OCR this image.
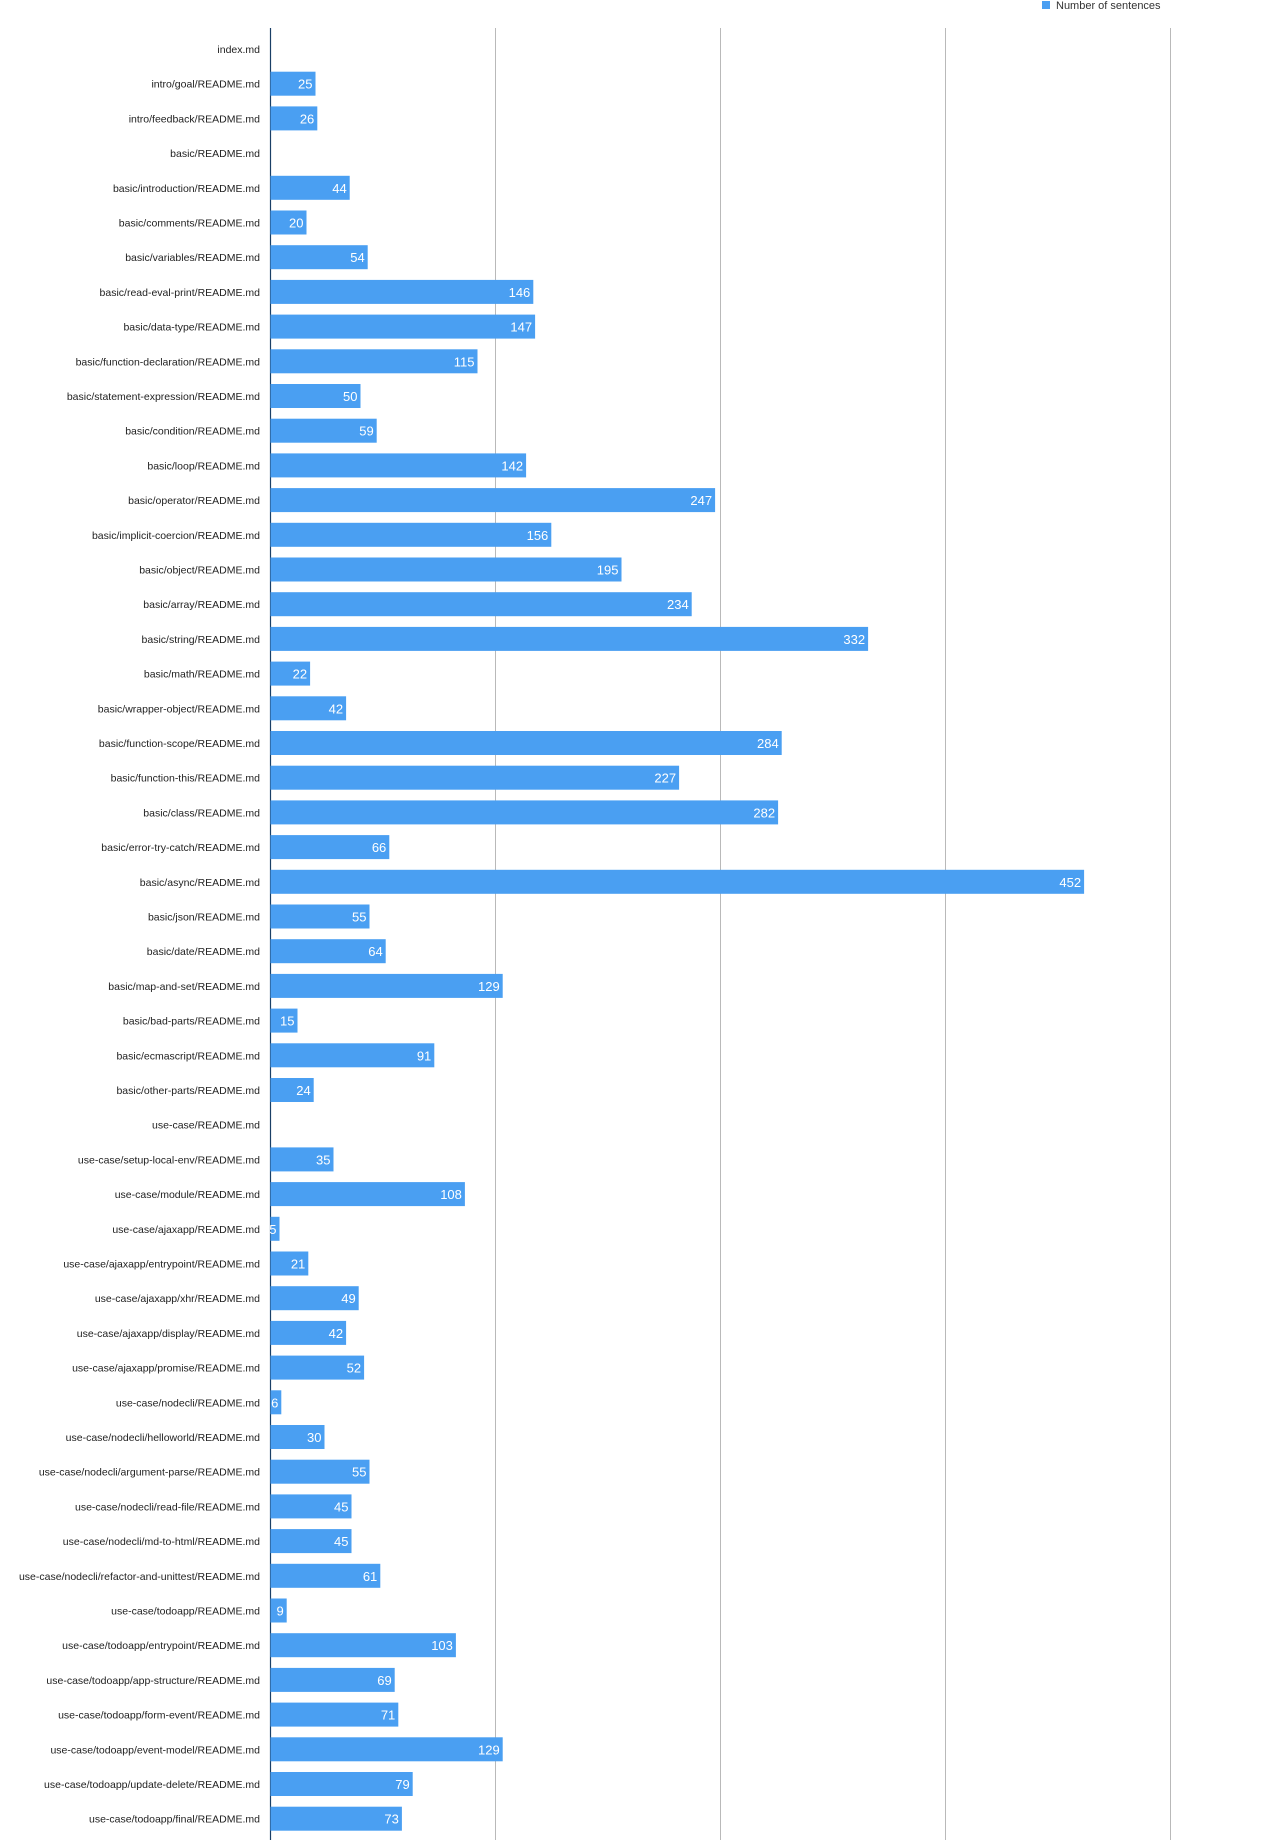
index.md
intro/goal/README.md
intro/feedback/README.md
basic/README.md
basic/introduction/README.md
basic/comments/README.md
basic/variables/README.md
basic/read-eval-print/README.md
basic/data-type/README.md
basic/function-declaration/README.md
basic/statement-expression/README.md
basic/condition/README.md
basic/loop/README.md
basic/operator/README.md
basic/implicit-coercion/README.md
basic/object/README.md
basic/array/README.md
basic/string/README.md
basic/math/README.md
basic/wrapper-object/README.md
basic/function-scope/README.md
basic/function-this/README.md
basic/class/README.md
basic/error-try-catch/README.md
basic/async/README.md
basic/json/README.md
basic/date/README.md
basic/map-and-set/README.md
basic/bad-parts/README.md
basic/ecmascript/README.md
basic/other-parts/README.md
use-case/README.md
use-case/setup-local-env/README.md
use-case/module/README.md
use-case/ajaxapp/README.md
use-case/ajaxapp/entrypoint/README.md
use-case/ajaxapp/xhr/README.md
use-case/ajaxapp/display/README.md
use-case/ajaxapp/promise/README.md
use-case/nodecli/README.md
use-case/nodecli/helloworld/README.md
use-case/nodecli/argument-parse/README.md
use-case/nodecli/read-file/README.md
use-case/nodecli/md-to-html/README.md
use-case/nodecli/refactor-and-unittest/README.md
use-case/todoapp/README.md
use-case/todoapp/entrypoint/README.md
use-case/todoapp/app-structure/README.md
use-case/todoapp/form-event/README.md
use-case/todoapp/event-model/README.md
use-case/todoapp/update-delete/README.md
use-case/todoapp/final/README.md
25
26
44
20
54
146
147
115
50
59
142
247
156
195
234
332
22
42
284
227
282
66
452
55
64
129
15
91
24
35
108
5
21
49
42
52
6
30
55
45
45
61
9
103
69
71
129
79
73
Number of sentences
